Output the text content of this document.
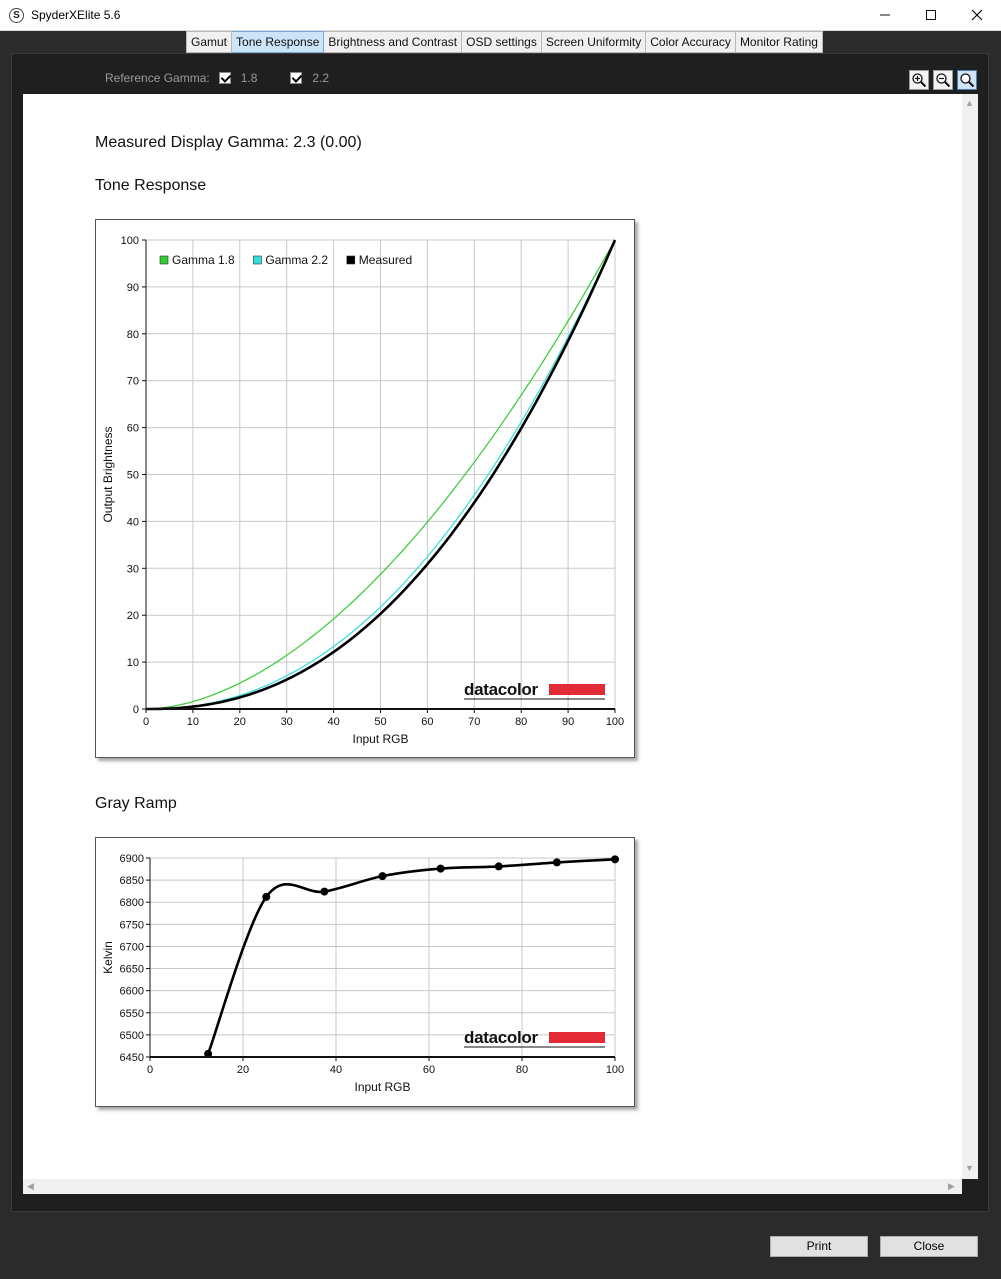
S SpyderXElite 5.6
Gamut Tone Response Brightness and Contrast OSD settings Screen Uniformity Color Accuracy Monitor Rating
Reference Gamma:	1.8	2.2
Measured Display Gamma: 2.3 (0.00)
Tone Response
0	10	20	30	40	50	60	70	80	90	100
0
10
20
30
40
50
60
70
80
90
100
Gamma 1.8	Gamma 2.2	Measured
Input RGB
Output Brightness
datacolor
Gray Ramp
0	20	40	60	80	100
6450
6500
6550
6600
6650
6700
6750
6800
6850
6900
Input RGB
Kelvin
datacolor
▲
▼
◀	▶
Print	Close
